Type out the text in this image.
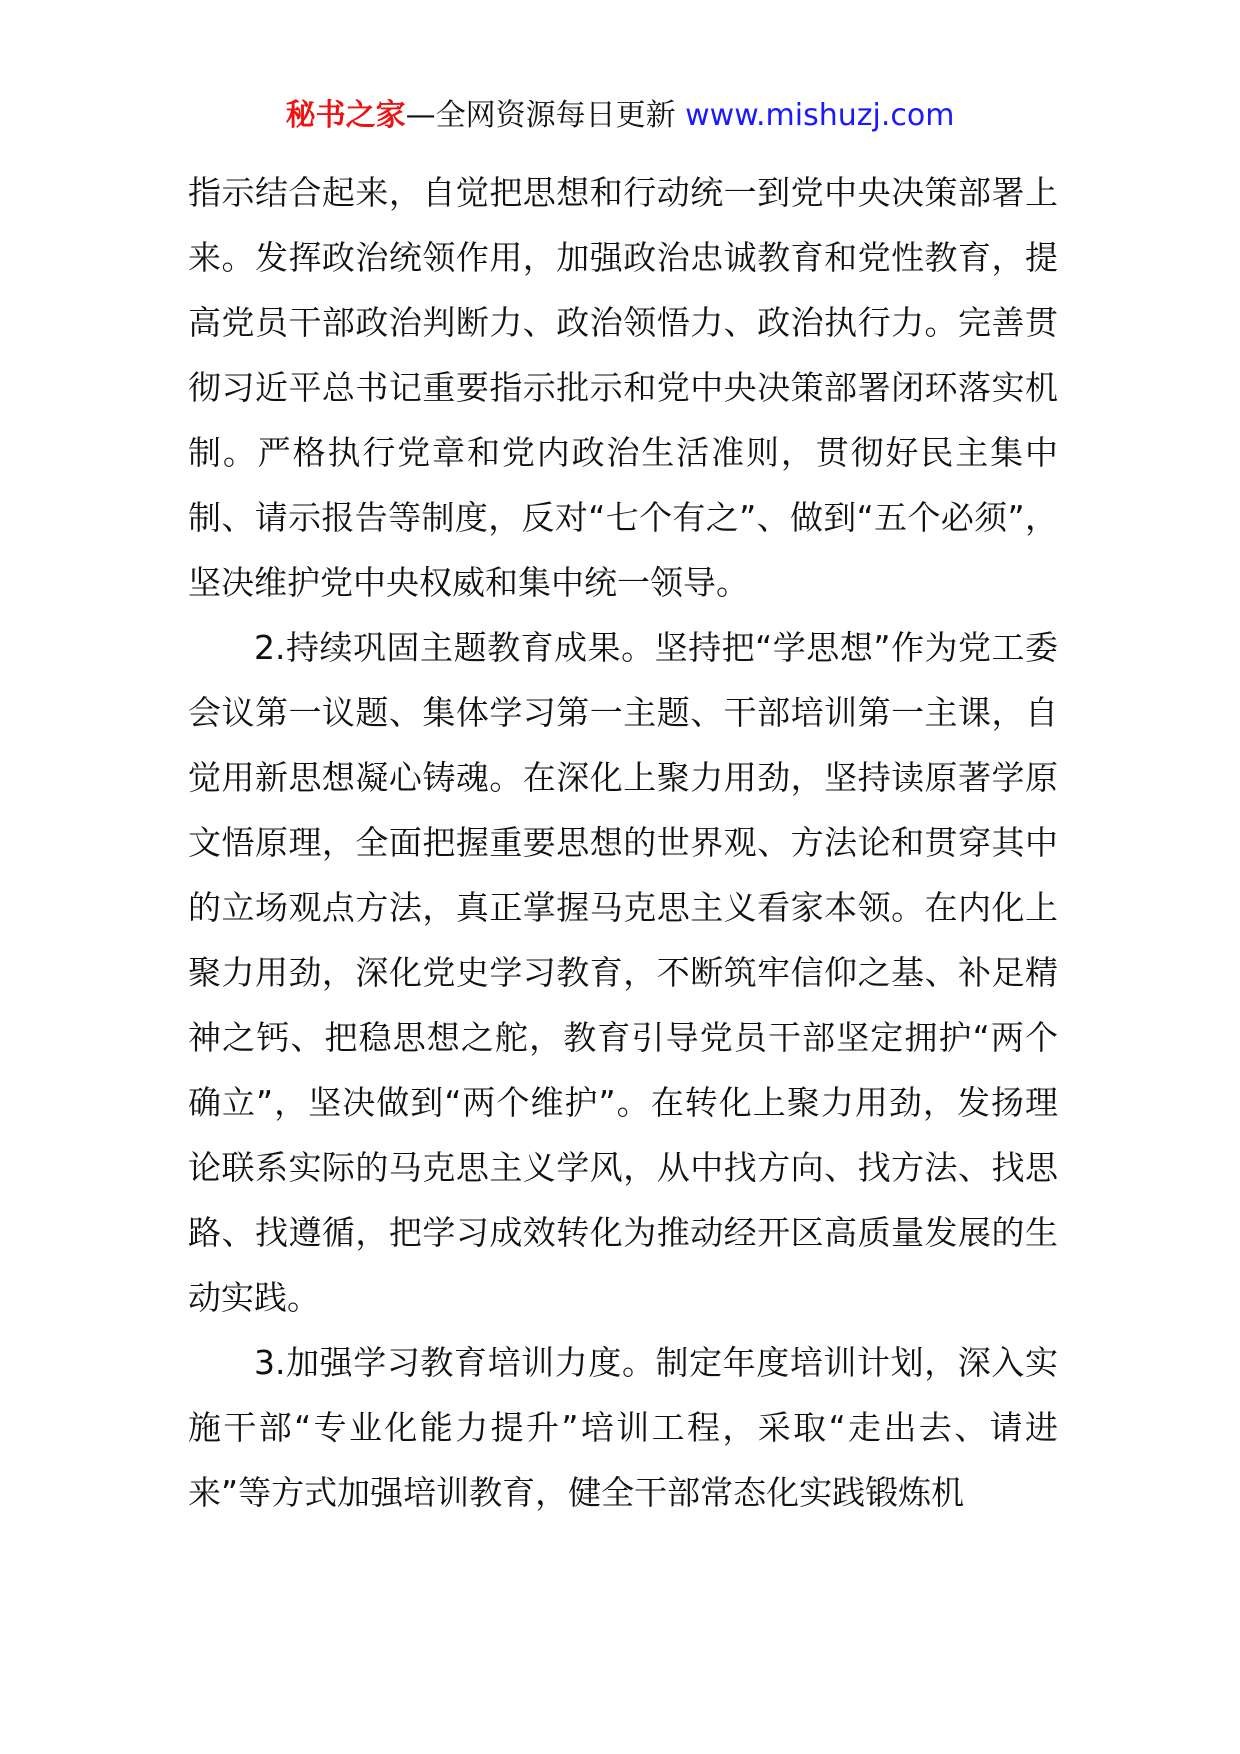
秘书之家—全网资源每日更新 www.mishuzj.com

指示结合起来，自觉把思想和行动统一到党中央决策部署上来。发挥政治统领作用，加强政治忠诚教育和党性教育，提高党员干部政治判断力、政治领悟力、政治执行力。完善贯彻习近平总书记重要指示批示和党中央决策部署闭环落实机制。严格执行党章和党内政治生活准则，贯彻好民主集中制、请示报告等制度，反对“七个有之”、做到“五个必须”，坚决维护党中央权威和集中统一领导。

2.持续巩固主题教育成果。坚持把“学思想”作为党工委会议第一议题、集体学习第一主题、干部培训第一主课，自觉用新思想凝心铸魂。在深化上聚力用劲，坚持读原著学原文悟原理，全面把握重要思想的世界观、方法论和贯穿其中的立场观点方法，真正掌握马克思主义看家本领。在内化上聚力用劲，深化党史学习教育，不断筑牢信仰之基、补足精神之钙、把稳思想之舵，教育引导党员干部坚定拥护“两个确立”，坚决做到“两个维护”。在转化上聚力用劲，发扬理论联系实际的马克思主义学风，从中找方向、找方法、找思路、找遵循，把学习成效转化为推动经开区高质量发展的生动实践。

3.加强学习教育培训力度。制定年度培训计划，深入实施干部“专业化能力提升”培训工程，采取“走出去、请进来”等方式加强培训教育，健全干部常态化实践锻炼机
